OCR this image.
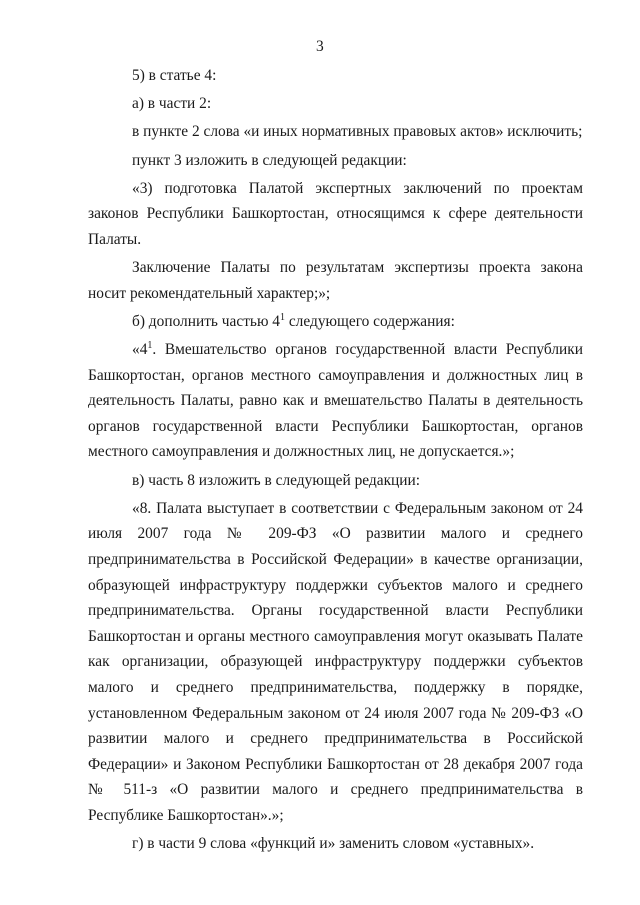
3

5) в статье 4:

а) в части 2:

в пункте 2 слова «и иных нормативных правовых актов» исключить;

пункт 3 изложить в следующей редакции:

«3) подготовка Палатой экспертных заключений по проектам законов Республики Башкортостан, относящимся к сфере деятельности Палаты.

Заключение Палаты по результатам экспертизы проекта закона носит рекомендательный характер;»;

б) дополнить частью $4^1$ следующего содержания:

«$4^1$. Вмешательство органов государственной власти Республики Башкортостан, органов местного самоуправления и должностных лиц в деятельность Палаты, равно как и вмешательство Палаты в деятельность органов государственной власти Республики Башкортостан, органов местного самоуправления и должностных лиц, не допускается.»;

в) часть 8 изложить в следующей редакции:

«8. Палата выступает в соответствии с Федеральным законом от 24 июля 2007 года № 209-ФЗ «О развитии малого и среднего предпринимательства в Российской Федерации» в качестве организации, образующей инфраструктуру поддержки субъектов малого и среднего предпринимательства. Органы государственной власти Республики Башкортостан и органы местного самоуправления могут оказывать Палате как организации, образующей инфраструктуру поддержки субъектов малого и среднего предпринимательства, поддержку в порядке, установленном Федеральным законом от 24 июля 2007 года № 209-ФЗ «О развитии малого и среднего предпринимательства в Российской Федерации» и Законом Республики Башкортостан от 28 декабря 2007 года № 511-з «О развитии малого и среднего предпринимательства в Республике Башкортостан».»;

г) в части 9 слова «функций и» заменить словом «уставных».
